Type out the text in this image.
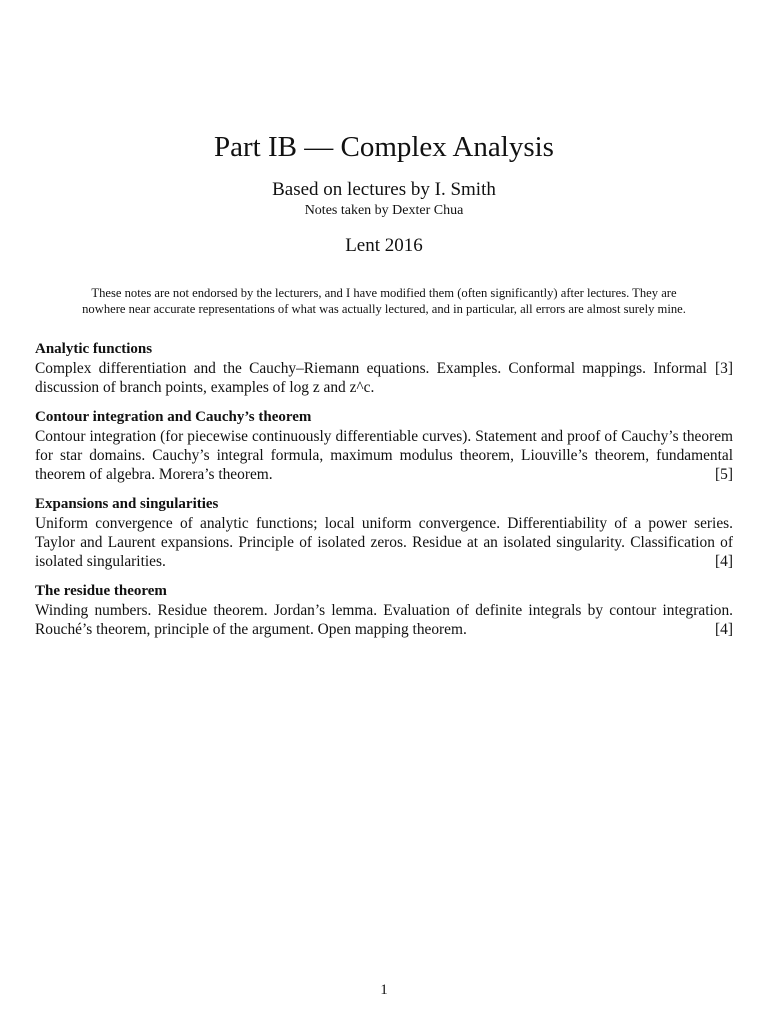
Part IB — Complex Analysis
Based on lectures by I. Smith
Notes taken by Dexter Chua
Lent 2016
These notes are not endorsed by the lecturers, and I have modified them (often significantly) after lectures. They are nowhere near accurate representations of what was actually lectured, and in particular, all errors are almost surely mine.
Analytic functions
[3]
Complex differentiation and the Cauchy–Riemann equations. Examples. Conformal mappings. Informal discussion of branch points, examples of log z and z^c.
Contour integration and Cauchy’s theorem
Contour integration (for piecewise continuously differentiable curves). Statement and proof of Cauchy’s theorem for star domains. Cauchy’s integral formula, maximum modulus theorem, Liouville’s theorem, fundamental theorem of algebra. Morera’s theorem.	[5]
Expansions and singularities
Uniform convergence of analytic functions; local uniform convergence. Differentiability of a power series. Taylor and Laurent expansions. Principle of isolated zeros. Residue at an isolated singularity. Classification of isolated singularities.	[4]
The residue theorem
Winding numbers. Residue theorem. Jordan’s lemma. Evaluation of definite integrals by contour integration. Rouché’s theorem, principle of the argument. Open mapping theorem.	[4]
1
